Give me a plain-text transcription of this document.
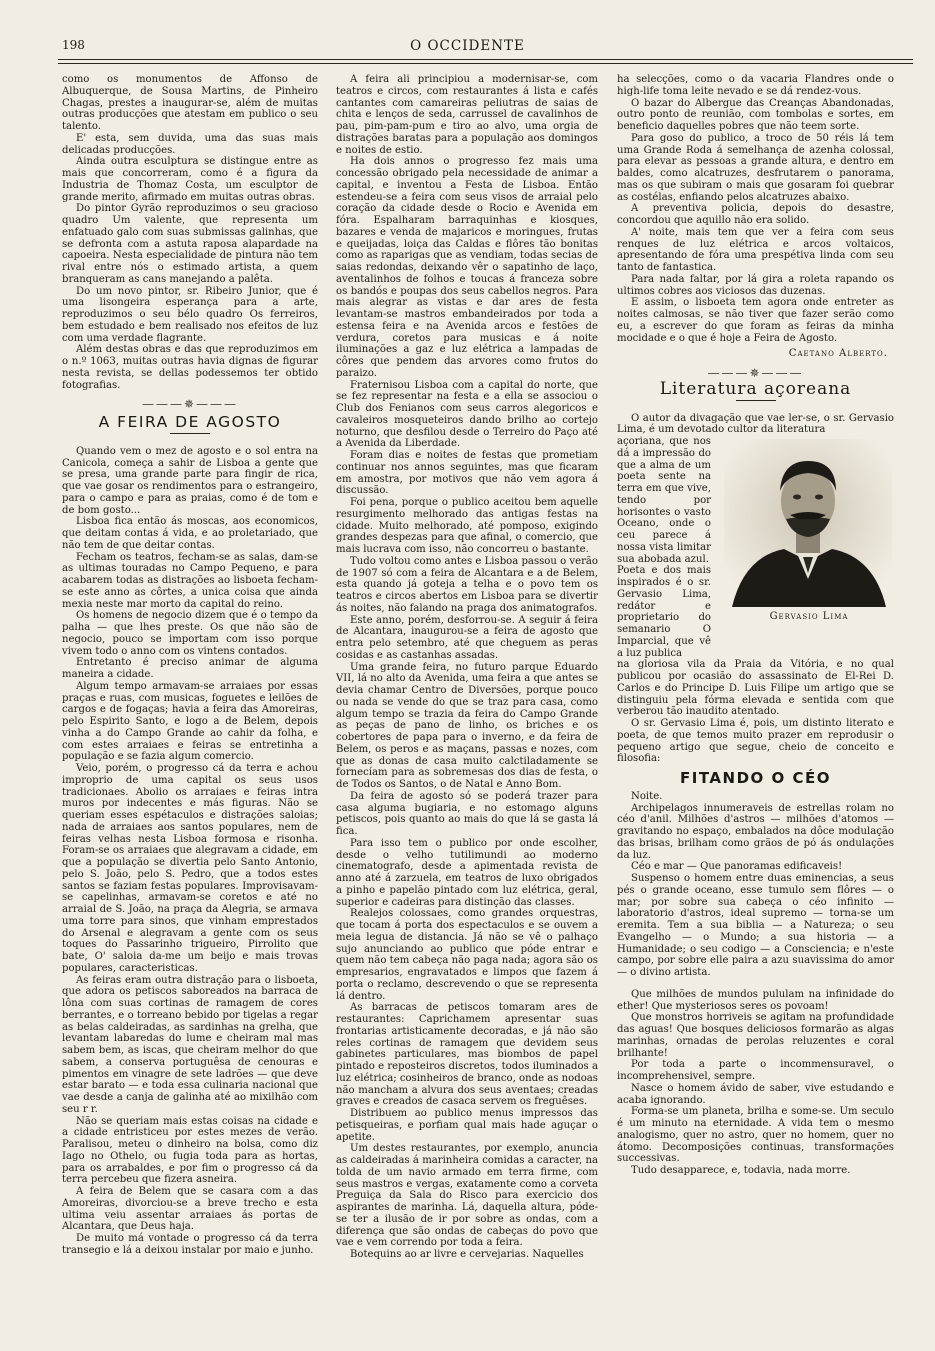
198	O OCCIDENTE

como os monumentos de Affonso de Albuquerque, de Sousa Martins, de Pinheiro Chagas, prestes a inaugurar-se, além de muitas outras producções que atestam em publico o seu talento.

E' esta, sem duvida, uma das suas mais delicadas producções.

Ainda outra esculptura se distingue entre as mais que concorreram, como é a figura da Industria de Thomaz Costa, um esculptor de grande merito, afirmado em muitas outras obras.

Do pintor Gyrão reproduzimos o seu gracioso quadro Um valente, que representa um enfatuado galo com suas submissas galinhas, que se defronta com a astuta raposa alapardade na capoeira. Nesta especialidade de pintura não tem rival entre nós o estimado artista, a quem branqueram as cans manejando a palêta.

Do um novo pintor, sr. Ribeiro Junior, que é uma lisongeira esperança para a arte, reproduzimos o seu bélo quadro Os ferreiros, bem estudado e bem realisado nos efeitos de luz com uma verdade flagrante.

Além destas obras e das que reproduzimos em o n.º 1063, muitas outras havia dignas de figurar nesta revista, se dellas podessemos ter obtido fotografias.

———✵———
A FEIRA DE AGOSTO

Quando vem o mez de agosto e o sol entra na Canicola, começa a sahir de Lisboa a gente que se presa, uma grande parte para fingir de rica, que vae gosar os rendimentos para o estrangeiro, para o campo e para as praias, como é de tom e de bom gosto...

Lisboa fica então ás moscas, aos economicos, que deitam contas á vida, e ao proletariado, que não tem de que deitar contas.

Fecham os teatros, fecham-se as salas, dam-se as ultimas touradas no Campo Pequeno, e para acabarem todas as distrações ao lisboeta fecham-se este anno as côrtes, a unica coisa que ainda mexia neste mar morto da capital do reino.

Os homens de negocio dizem que é o tempo da palha — que lhes preste. Os que não são de negocio, pouco se importam com isso porque vivem todo o anno com os vintens contados.

Entretanto é preciso animar de alguma maneira a cidade.

Algum tempo armavam-se arraiaes por essas praças e ruas, com musicas, foguetes e leilões de cargos e de fogaças; havia a feira das Amoreiras, pelo Espirito Santo, e logo a de Belem, depois vinha a do Campo Grande ao cahir da folha, e com estes arraiaes e feiras se entretinha a população e se fazia algum comercio.

Veio, porém, o progresso cá da terra e achou improprio de uma capital os seus usos tradicionaes. Abolio os arraiaes e feiras intra muros por indecentes e más figuras. Não se queriam esses espétaculos e distrações saloias; nada de arraiaes aos santos populares, nem de feiras velhas nesta Lisboa formosa e risonha. Foram-se os arraiaes que alegravam a cidade, em que a população se divertia pelo Santo Antonio, pelo S. João, pelo S. Pedro, que a todos estes santos se faziam festas populares. Improvisavam-se capelinhas, armavam-se coretos e até no arraial de S. João, na praça da Alegria, se armava uma torre para sinos, que vinham emprestados do Arsenal e alegravam a gente com os seus toques do Passarinho trigueiro, Pirrolito que bate, O' saloia da-me um beijo e mais trovas populares, caracteristicas.

As feiras eram outra distração para o lisboeta, que adora os petiscos saboreados na barraca de lôna com suas cortinas de ramagem de cores berrantes, e o torreano bebido por tigelas a regar as belas caldeiradas, as sardinhas na grelha, que levantam labaredas do lume e cheiram mal mas sabem bem, as iscas, que cheiram melhor do que sabem, a conserva portuguêsa de cenouras e pimentos em vinagre de sete ladrões — que deve estar barato — e toda essa culinaria nacional que vae desde a canja de galinha até ao mixilhão com seu r r.

Não se queriam mais estas coisas na cidade e a cidade entristiceu por estes mezes de verão. Paralisou, meteu o dinheiro na bolsa, como diz Iago no Othelo, ou fugia toda para as hortas, para os arrabaldes, e por fim o progresso cá da terra percebeu que fizera asneira.

A feira de Belem que se casara com a das Amoreiras, divorciou-se a breve trecho e esta ultima veiu assentar arraiaes ás portas de Alcantara, que Deus haja.

De muito má vontade o progresso cá da terra transegio e lá a deixou instalar por maio e junho.

A feira ali principiou a modernisar-se, com teatros e circos, com restaurantes á lista e cafés cantantes com camareiras peliutras de saias de chita e lenços de seda, carrussel de cavalinhos de pau, pim-pam-pum e tiro ao alvo, uma orgia de distrações baratas para a população aos domingos e noites de estio.

Ha dois annos o progresso fez mais uma concessão obrigado pela necessidade de animar a capital, e inventou a Festa de Lisboa. Então estendeu-se a feira com seus visos de arraial pelo coração da cidade desde o Rocio e Avenida em fóra. Espalharam barraquinhas e kiosques, bazares e venda de majaricos e moringues, frutas e queijadas, loiça das Caldas e flôres tão bonitas como as raparigas que as vendiam, todas secias de saias redondas, deixando vêr o sapatinho de laço, aventalinhos de folhos e toucas á franceza sobre os bandós e poupas dos seus cabellos negros. Para mais alegrar as vistas e dar ares de festa levantam-se mastros embandeirados por toda a estensa feira e na Avenida arcos e festões de verdura, coretos para musicas e á noite iluminações a gaz e luz elétrica a lampadas de côres que pendem das arvores como frutos do paraizo.

Fraternisou Lisboa com a capital do norte, que se fez representar na festa e a ella se associou o Club dos Fenianos com seus carros alegoricos e cavaleiros mosqueteiros dando brilho ao cortejo noturno, que desfilou desde o Terreiro do Paço até a Avenida da Liberdade.

Foram dias e noites de festas que prometiam continuar nos annos seguintes, mas que ficaram em amostra, por motivos que não vem agora á discussão.

Foi pena, porque o publico aceitou bem aquelle resurgimento melhorado das antigas festas na cidade. Muito melhorado, até pomposo, exigindo grandes despezas para que afinal, o comercio, que mais lucrava com isso, não concorreu o bastante.

Tudo voltou como antes e Lisboa passou o verão de 1907 só com a feira de Alcantara e a de Belem, esta quando já goteja a telha e o povo tem os teatros e circos abertos em Lisboa para se divertir ás noites, não falando na praga dos animatografos.

Este anno, porém, desforrou-se. A seguir á feira de Alcantara, inaugurou-se a feira de agosto que entra pelo setembro, até que cheguem as peras cosidas e as castanhas assadas.

Uma grande feira, no futuro parque Eduardo VII, lá no alto da Avenida, uma feira a que antes se devia chamar Centro de Diversões, porque pouco ou nada se vende do que se traz para casa, como algum tempo se trazia da feira do Campo Grande as peças de pano de linho, os briches e os cobertores de papa para o inverno, e da feira de Belem, os peros e as maçans, passas e nozes, com que as donas de casa muito calctiladamente se fornecíam para as sobremesas dos dias de festa, o de Todos os Santos, o de Natal e Anno Bom.

Da feira de agosto só se poderá trazer para casa alguma bugiaria, e no estomago alguns petiscos, pois quanto ao mais do que lá se gasta lá fica.

Para isso tem o publico por onde escolher, desde o velho tutilimundi ao moderno cinematografo, desde a apimentada revista de anno até á zarzuela, em teatros de luxo obrigados a pinho e papelão pintado com luz elétrica, geral, superior e cadeiras para distinção das classes.

Realejos colossaes, como grandes orquestras, que tocam á porta dos espectaculos e se ouvem a meia legua de distancia. Já não se vê o palhaço sujo anunciando ao publico que póde entrar e quem não tem cabeça não paga nada; agora são os empresarios, engravatados e limpos que fazem á porta o reclamo, descrevendo o que se representa lá dentro.

As barracas de petiscos tomaram ares de restaurantes: Caprichamem apresentar suas frontarias artisticamente decoradas, e já não são reles cortinas de ramagem que devidem seus gabinetes particulares, mas biombos de papel pintado e reposteiros discretos, todos iluminados a luz elétrica; cosinheiros de branco, onde as nodoas não mancham a alvura dos seus aventaes; creadas graves e creados de casaca servem os freguêses.

Distribuem ao publico menus impressos das petisqueiras, e porfiam qual mais hade aguçar o apetite.

Um destes restaurantes, por exemplo, anuncia as caldeiradas á marinheira comidas a caracter, na tolda de um navio armado em terra firme, com seus mastros e vergas, exatamente como a corveta Preguiça da Sala do Risco para exercicio dos aspirantes de marinha. Lá, daquella altura, póde-se ter a ilusão de ir por sobre as ondas, com a diferença que são ondas de cabeças do povo que vae e vem correndo por toda a feira.

Botequins ao ar livre e cervejarias. Naquelles

ha selecções, como o da vacaria Flandres onde o high-life toma leite nevado e se dá rendez-vous.

O bazar do Albergue das Creanças Abandonadas, outro ponto de reunião, com tombolas e sortes, em beneficio daquelles pobres que não teem sorte.

Para goso do publico, a troco de 50 réis lá tem uma Grande Roda á semelhança de azenha colossal, para elevar as pessoas a grande altura, e dentro em baldes, como alcatruzes, desfrutarem o panorama, mas os que subiram o mais que gosaram foi quebrar as costélas, enfiando pelos alcatruzes abaixo.

A preventiva policia, depois do desastre, concordou que aquillo não era solido.

A' noite, mais tem que ver a feira com seus renques de luz elétrica e arcos voltaicos, apresentando de fóra uma prespétiva linda com seu tanto de fantastica.

Para nada faltar, por lá gira a roleta rapando os ultimos cobres aos viciosos das duzenas.

E assim, o lisboeta tem agora onde entreter as noites calmosas, se não tiver que fazer serão como eu, a escrever do que foram as feiras da minha mocidade e o que é hoje a Feira de Agosto.

Caetano Alberto.
———✵———
Literatura açoreana

O autor da divagação que vae ler-se, o sr. Gervasio Lima, é um devotado cultor da literatura

açoriana, que nos dá a impressão do que a alma de um poeta sente na terra em que vive, tendo por horisontes o vasto Oceano, onde o ceu parece á nossa vista limitar sua abobada azul.

Poeta e dos mais inspirados é o sr. Gervasio Lima, redátor e proprietario do semanario O Imparcial, que vê a luz publica

Gervasio Lima

na gloriosa vila da Praia da Vitória, e no qual publicou por ocasião do assassinato de El-Rei D. Carlos e do Principe D. Luis Filipe um artigo que se distinguiu pela fórma elevada e sentida com que verberou tão inaudito atentado.

O sr. Gervasio Lima é, pois, um distinto literato e poeta, de que temos muito prazer em reprodusir o pequeno artigo que segue, cheio de conceito e filosofia:

FITANDO O CÉO

Noite.

Archipelagos innumeraveis de estrellas rolam no céo d'anil. Milhões d'astros — milhões d'atomos — gravitando no espaço, embalados na dôce modulação das brisas, brilham como grãos de pó ás ondulações da luz.

Céo e mar — Que panoramas edificaveis!

Suspenso o homem entre duas eminencias, a seus pés o grande oceano, esse tumulo sem flôres — o mar; por sobre sua cabeça o céo infinito — laboratorio d'astros, ideal supremo — torna-se um eremita. Tem a sua biblia — a Natureza; o seu Evangelho — o Mundo; a sua historia — a Humanidade; o seu codigo — a Consciencia; e n'este campo, por sobre elle paira a azu suavissima do amor — o divino artista.

Que milhões de mundos pululam na infinidade do ether! Que mysteriosos seres os povoam!

Que monstros horriveis se agitam na profundidade das aguas! Que bosques deliciosos formarão as algas marinhas, ornadas de perolas reluzentes e coral brilhante!

Por toda a parte o incommensuravel, o incomprehensivel, sempre.

Nasce o homem ávido de saber, vive estudando e acaba ignorando.

Forma-se um planeta, brilha e some-se. Um seculo é um minuto na eternidade. A vida tem o mesmo analogismo, quer no astro, quer no homem, quer no átomo. Decomposições continuas, transformações successivas.

Tudo desapparece, e, todavia, nada morre.
